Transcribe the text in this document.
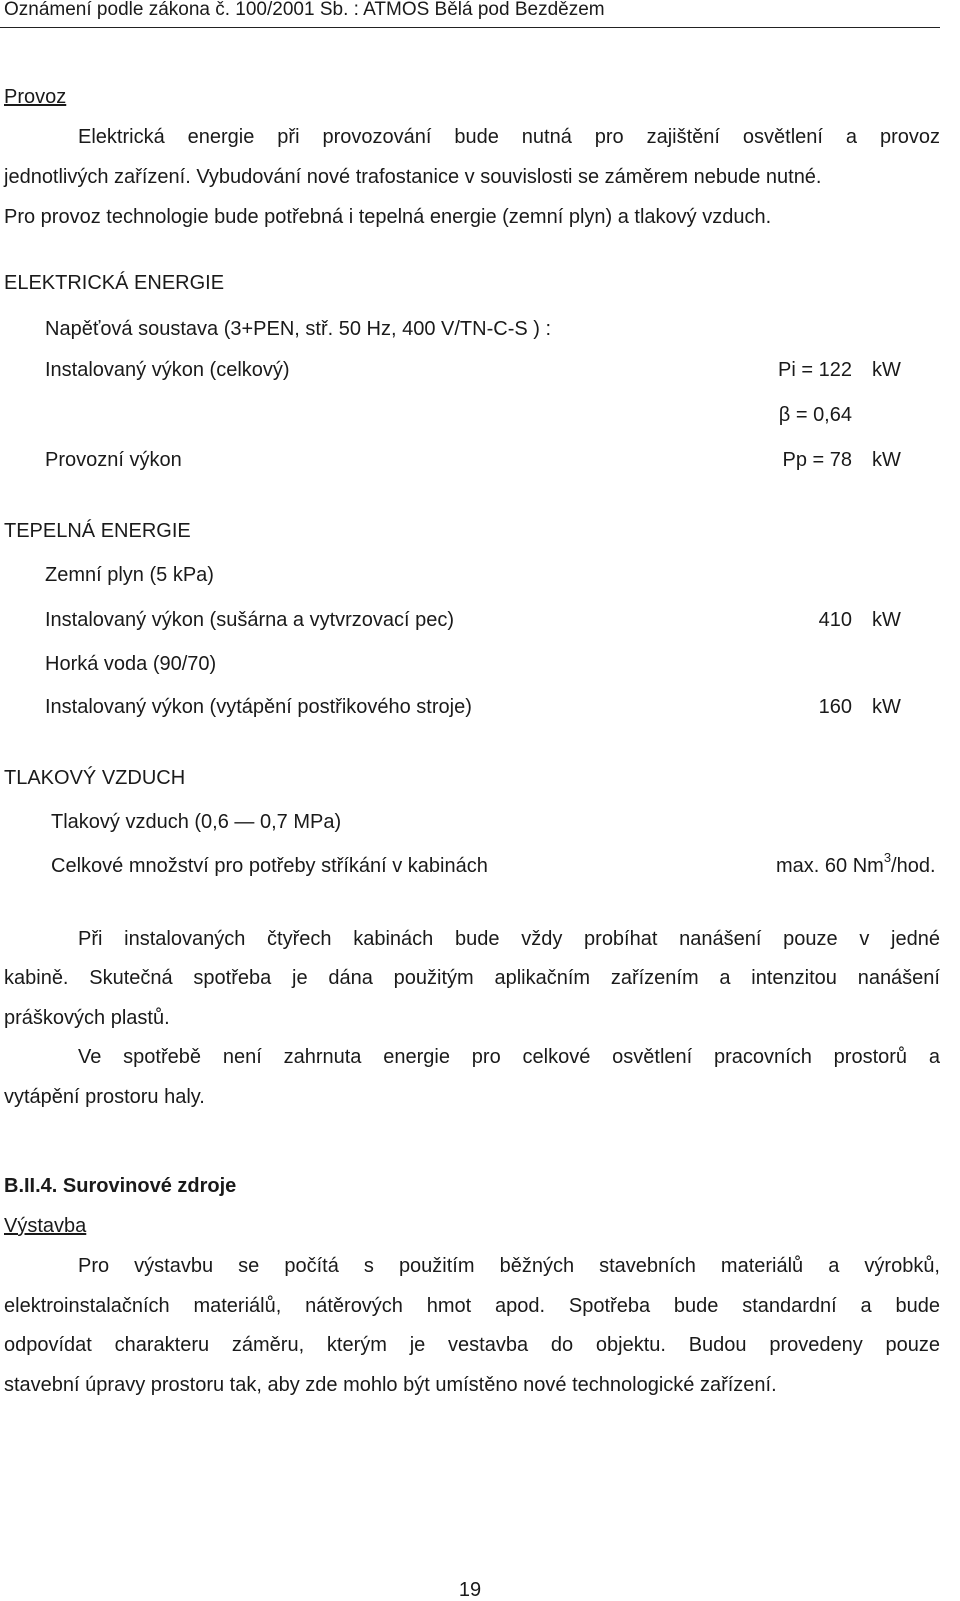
Oznámení podle zákona č. 100/2001 Sb. : ATMOS Bělá pod Bezdězem
Provoz
Elektrická energie při provozování bude nutná pro zajištění osvětlení a provoz
jednotlivých zařízení. Vybudování nové trafostanice v souvislosti se záměrem nebude nutné.
Pro provoz technologie bude potřebná i tepelná energie (zemní plyn) a tlakový vzduch.
ELEKTRICKÁ ENERGIE
Napěťová soustava (3+PEN, stř. 50 Hz, 400 V/TN-C-S ) :
Instalovaný výkon (celkový)	Pi = 122 kW
β = 0,64
Provozní výkon	Pp = 78 kW
TEPELNÁ ENERGIE
Zemní plyn (5 kPa)
Instalovaný výkon (sušárna a vytvrzovací pec)	410 kW
Horká voda (90/70)
Instalovaný výkon (vytápění postřikového stroje)	160 kW
TLAKOVÝ VZDUCH
Tlakový vzduch (0,6 — 0,7 MPa)
Celkové množství pro potřeby stříkání v kabinách	max. 60 Nm$^3$/hod.
Při instalovaných čtyřech kabinách bude vždy probíhat nanášení pouze v jedné
kabině. Skutečná spotřeba je dána použitým aplikačním zařízením a intenzitou nanášení
práškových plastů.
Ve spotřebě není zahrnuta energie pro celkové osvětlení pracovních prostorů a
vytápění prostoru haly.
B.II.4. Surovinové zdroje
Výstavba
Pro výstavbu se počítá s použitím běžných stavebních materiálů a výrobků,
elektroinstalačních materiálů, nátěrových hmot apod. Spotřeba bude standardní a bude
odpovídat charakteru záměru, kterým je vestavba do objektu. Budou provedeny pouze
stavební úpravy prostoru tak, aby zde mohlo být umístěno nové technologické zařízení.
19
